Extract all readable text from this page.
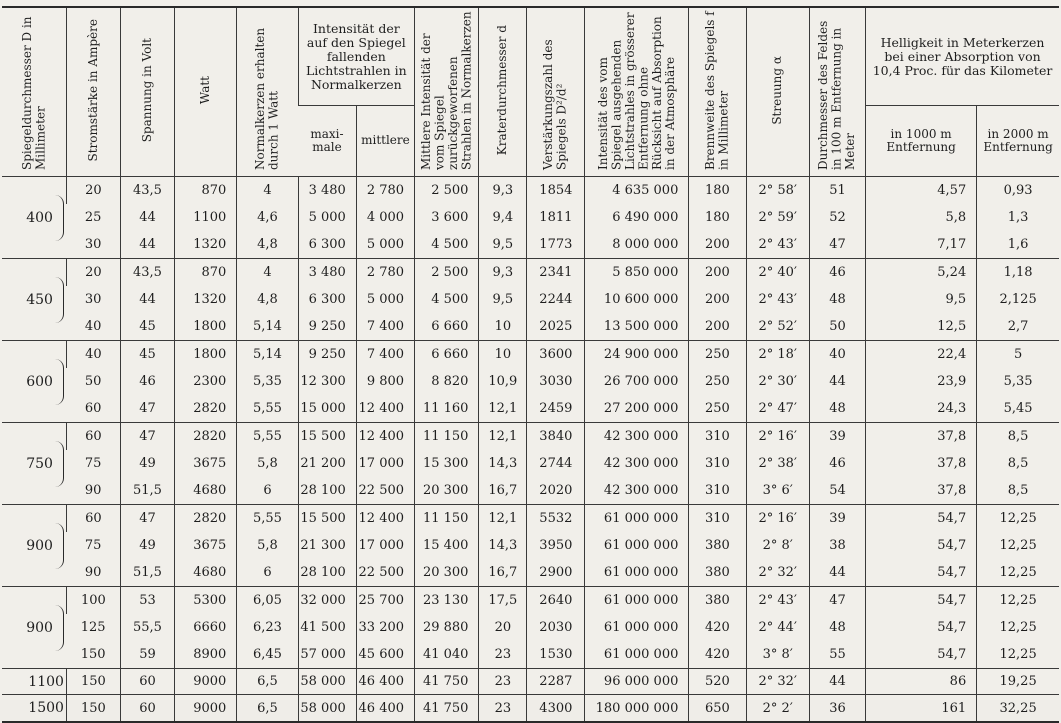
Spiegeldurchmesser D in Millimeter	Stromstärke in Ampère	Spannung in Volt	Watt	Normalkerzen erhalten durch 1 Watt	Intensität der auf den Spiegel fallenden Lichtstrahlen in Normalkerzen		Mittlere Intensität der vom Spiegel zurückgeworfenen Strahlen in Normalkerzen	Kraterdurchmesser d	Verstärkungszahl des Spiegels D²/d²	Intensität des vom Spiegel ausgehenden Lichtstrahles in grösserer Entfernung ohne Rücksicht auf Absorption in der Atmosphäre	Brennweite des Spiegels f in Millimeter	Streuung α	Durchmesser des Feldes in 100 m Entfernung in Meter	Helligkeit in Meterkerzen bei einer Absorption von 10,4 Proc. für das Kilometer	
					maxi-male	mittlere								in 1000 m Entfernung	in 2000 m Entfernung

400	20	43,5	870	4	3 480	2 780	2 500	9,3	1854	4 635 000	180	2° 58′	51	4,57	0,93
	25	44	1100	4,6	5 000	4 000	3 600	9,4	1811	6 490 000	180	2° 59′	52	5,8	1,3
	30	44	1320	4,8	6 300	5 000	4 500	9,5	1773	8 000 000	200	2° 43′	47	7,17	1,6

450	20	43,5	870	4	3 480	2 780	2 500	9,3	2341	5 850 000	200	2° 40′	46	5,24	1,18
	30	44	1320	4,8	6 300	5 000	4 500	9,5	2244	10 600 000	200	2° 43′	48	9,5	2,125
	40	45	1800	5,14	9 250	7 400	6 660	10	2025	13 500 000	200	2° 52′	50	12,5	2,7

600	40	45	1800	5,14	9 250	7 400	6 660	10	3600	24 900 000	250	2° 18′	40	22,4	5
	50	46	2300	5,35	12 300	9 800	8 820	10,9	3030	26 700 000	250	2° 30′	44	23,9	5,35
	60	47	2820	5,55	15 000	12 400	11 160	12,1	2459	27 200 000	250	2° 47′	48	24,3	5,45

750	60	47	2820	5,55	15 500	12 400	11 150	12,1	3840	42 300 000	310	2° 16′	39	37,8	8,5
	75	49	3675	5,8	21 200	17 000	15 300	14,3	2744	42 300 000	310	2° 38′	46	37,8	8,5
	90	51,5	4680	6	28 100	22 500	20 300	16,7	2020	42 300 000	310	3° 6′	54	37,8	8,5

900	60	47	2820	5,55	15 500	12 400	11 150	12,1	5532	61 000 000	310	2° 16′	39	54,7	12,25
	75	49	3675	5,8	21 300	17 000	15 400	14,3	3950	61 000 000	380	2° 8′	38	54,7	12,25
	90	51,5	4680	6	28 100	22 500	20 300	16,7	2900	61 000 000	380	2° 32′	44	54,7	12,25

900	100	53	5300	6,05	32 000	25 700	23 130	17,5	2640	61 000 000	380	2° 43′	47	54,7	12,25
	125	55,5	6660	6,23	41 500	33 200	29 880	20	2030	61 000 000	420	2° 44′	48	54,7	12,25
	150	59	8900	6,45	57 000	45 600	41 040	23	1530	61 000 000	420	3° 8′	55	54,7	12,25

1100	150	60	9000	6,5	58 000	46 400	41 750	23	2287	96 000 000	520	2° 32′	44	86	19,25

1500	150	60	9000	6,5	58 000	46 400	41 750	23	4300	180 000 000	650	2° 2′	36	161	32,25
